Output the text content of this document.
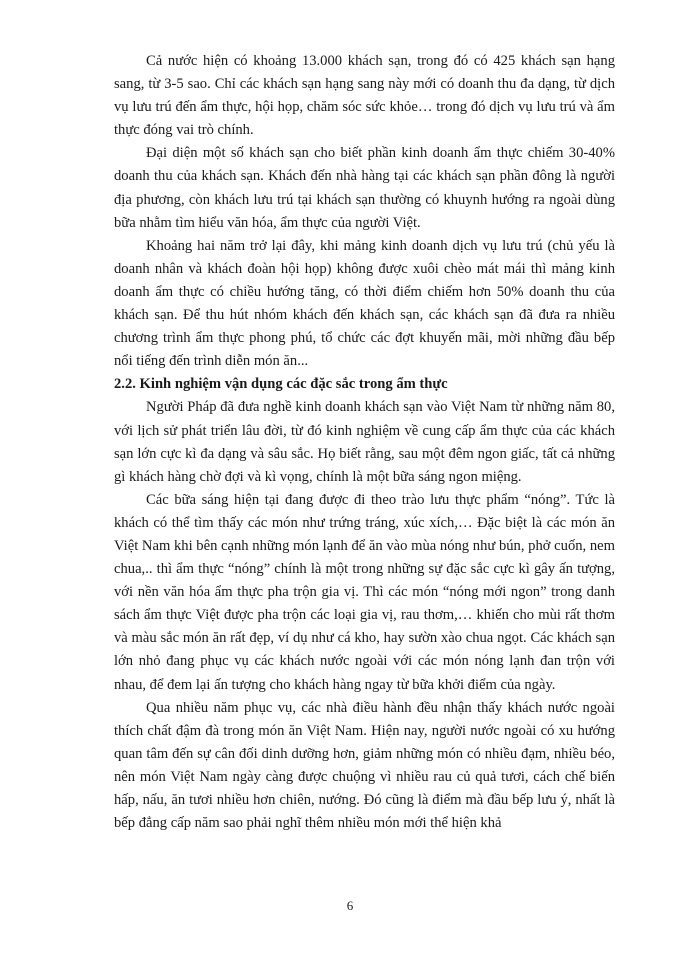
Cả nước hiện có khoảng 13.000 khách sạn, trong đó có 425 khách sạn hạng sang, từ 3-5 sao. Chỉ các khách sạn hạng sang này mới có doanh thu đa dạng, từ dịch vụ lưu trú đến ẩm thực, hội họp, chăm sóc sức khỏe… trong đó dịch vụ lưu trú và ẩm thực đóng vai trò chính.

Đại diện một số khách sạn cho biết phần kinh doanh ẩm thực chiếm 30-40% doanh thu của khách sạn. Khách đến nhà hàng tại các khách sạn phần đông là người địa phương, còn khách lưu trú tại khách sạn thường có khuynh hướng ra ngoài dùng bữa nhằm tìm hiểu văn hóa, ẩm thực của người Việt.

Khoảng hai năm trở lại đây, khi mảng kinh doanh dịch vụ lưu trú (chủ yếu là doanh nhân và khách đoàn hội họp) không được xuôi chèo mát mái thì mảng kinh doanh ẩm thực có chiều hướng tăng, có thời điểm chiếm hơn 50% doanh thu của khách sạn. Để thu hút nhóm khách đến khách sạn, các khách sạn đã đưa ra nhiều chương trình ẩm thực phong phú, tổ chức các đợt khuyến mãi, mời những đầu bếp nổi tiếng đến trình diễn món ăn...

2.2. Kinh nghiệm vận dụng các đặc sắc trong ẩm thực

Người Pháp đã đưa nghề kinh doanh khách sạn vào Việt Nam từ những năm 80, với lịch sử phát triển lâu đời, từ đó kinh nghiệm về cung cấp ẩm thực của các khách sạn lớn cực kì đa dạng và sâu sắc. Họ biết rằng, sau một đêm ngon giấc, tất cả những gì khách hàng chờ đợi và kì vọng, chính là một bữa sáng ngon miệng.

Các bữa sáng hiện tại đang được đi theo trào lưu thực phẩm “nóng”. Tức là khách có thể tìm thấy các món như trứng tráng, xúc xích,… Đặc biệt là các món ăn Việt Nam khi bên cạnh những món lạnh để ăn vào mùa nóng như bún, phở cuốn, nem chua,.. thì ẩm thực “nóng” chính là một trong những sự đặc sắc cực kì gây ấn tượng, với nền văn hóa ẩm thực pha trộn gia vị. Thì các món “nóng mới ngon” trong danh sách ẩm thực Việt được pha trộn các loại gia vị, rau thơm,… khiến cho mùi rất thơm và màu sắc món ăn rất đẹp, ví dụ như cá kho, hay sườn xào chua ngọt. Các khách sạn lớn nhỏ đang phục vụ các khách nước ngoài với các món nóng lạnh đan trộn với nhau, để đem lại ấn tượng cho khách hàng ngay từ bữa khởi điểm của ngày.

Qua nhiều năm phục vụ, các nhà điều hành đều nhận thấy khách nước ngoài thích chất đậm đà trong món ăn Việt Nam. Hiện nay, người nước ngoài có xu hướng quan tâm đến sự cân đối dinh dưỡng hơn, giảm những món có nhiều đạm, nhiều béo, nên món Việt Nam ngày càng được chuộng vì nhiều rau củ quả tươi, cách chế biến hấp, nấu, ăn tươi nhiều hơn chiên, nướng. Đó cũng là điểm mà đầu bếp lưu ý, nhất là bếp đẳng cấp năm sao phải nghĩ thêm nhiều món mới thể hiện khả

6
